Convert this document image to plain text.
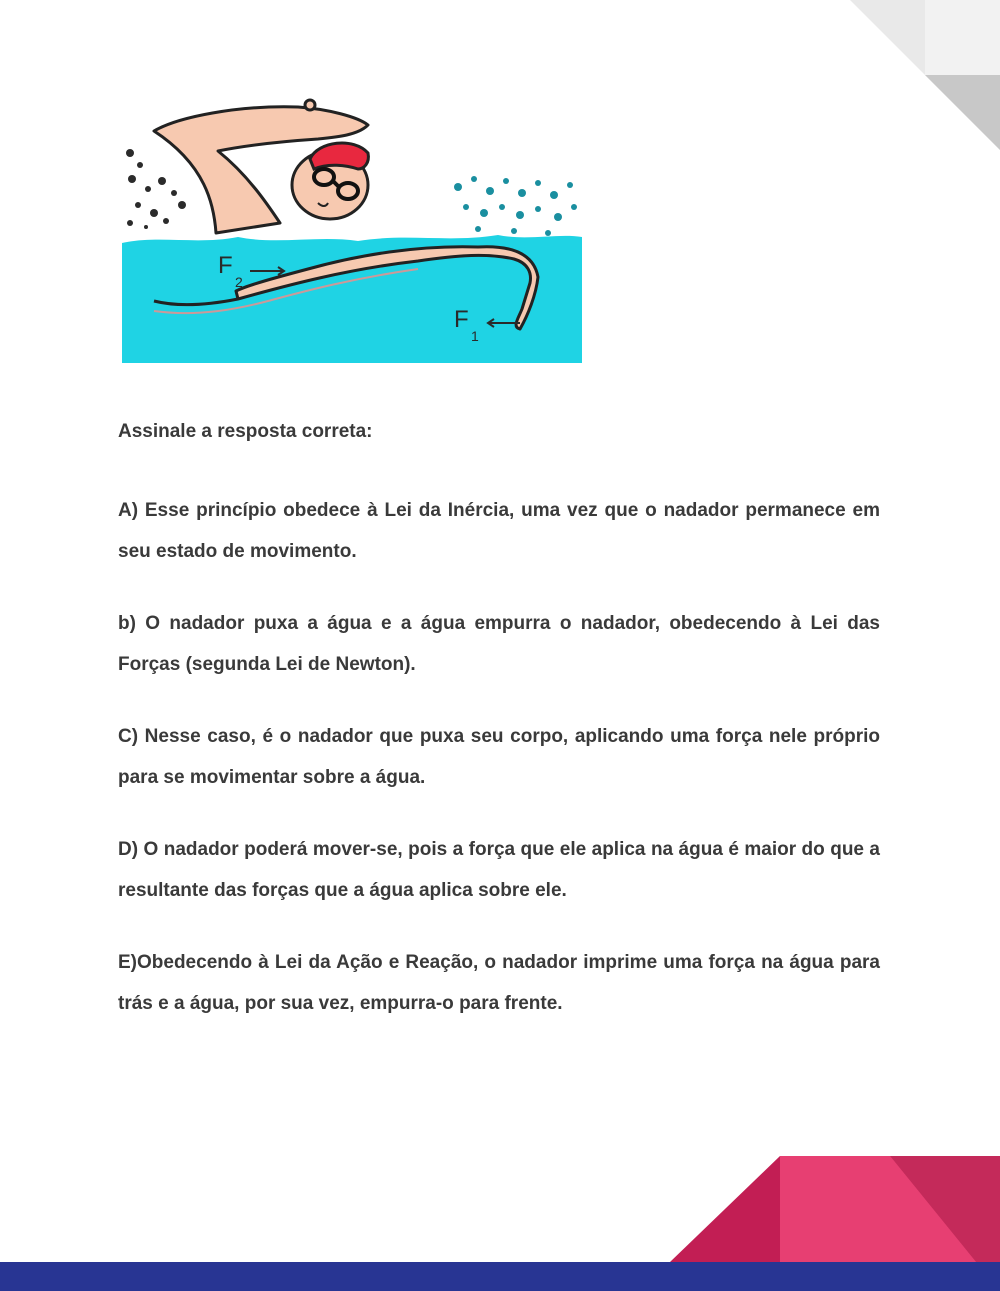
F
2
F
1

Assinale a resposta correta:

A) Esse princípio obedece à Lei da Inércia, uma vez que o nadador permanece em seu estado de movimento.

b) O nadador puxa a água e a água empurra o nadador, obedecendo à Lei das Forças (segunda Lei de Newton).

C) Nesse caso, é o nadador que puxa seu corpo, aplicando uma força nele próprio para se movimentar sobre a água.

D) O nadador poderá mover-se, pois a força que ele aplica na água é maior do que a resultante das forças que a água aplica sobre ele.

E)Obedecendo à Lei da Ação e Reação, o nadador imprime uma força na água para trás e a água, por sua vez, empurra-o para frente.
